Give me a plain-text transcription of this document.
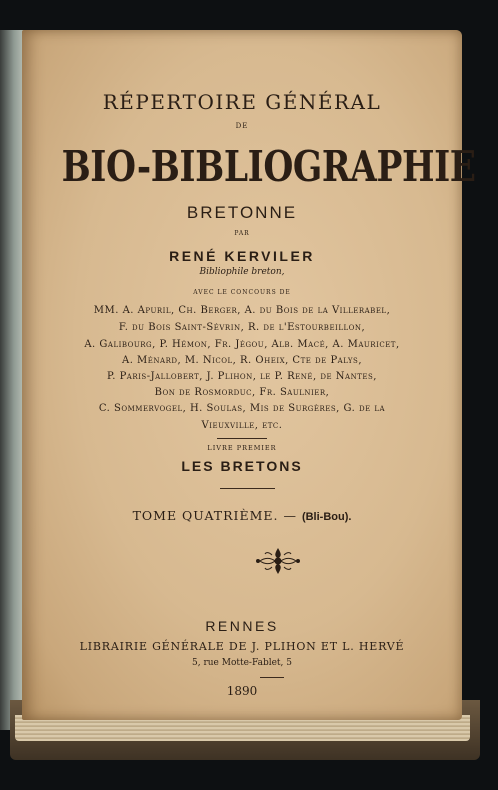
RÉPERTOIRE GÉNÉRAL
DE
BIO-BIBLIOGRAPHIE
BRETONNE
PAR
RENÉ KERVILER
Bibliophile breton,
AVEC LE CONCOURS DE
MM. A. Apuril, Ch. Berger, A. du Bois de la Villerabel,
F. du Bois Saint-Sévrin, R. de l'Estourbeillon,
A. Galibourg, P. Hémon, Fr. Jégou, Alb. Macé, A. Mauricet,
A. Ménard, M. Nicol, R. Oheix, Cte de Palys,
P. Paris-Jallobert, J. Plihon, le P. René, de Nantes,
Bon de Rosmorduc, Fr. Saulnier,
C. Sommervogel, H. Soulas, Mis de Surgères, G. de la
Vieuxville, etc.
LIVRE PREMIER
LES BRETONS
TOME QUATRIÈME. — (Bli-Bou).
RENNES
LIBRAIRIE GÉNÉRALE DE J. PLIHON ET L. HERVÉ
5, rue Motte-Fablet, 5
1890
